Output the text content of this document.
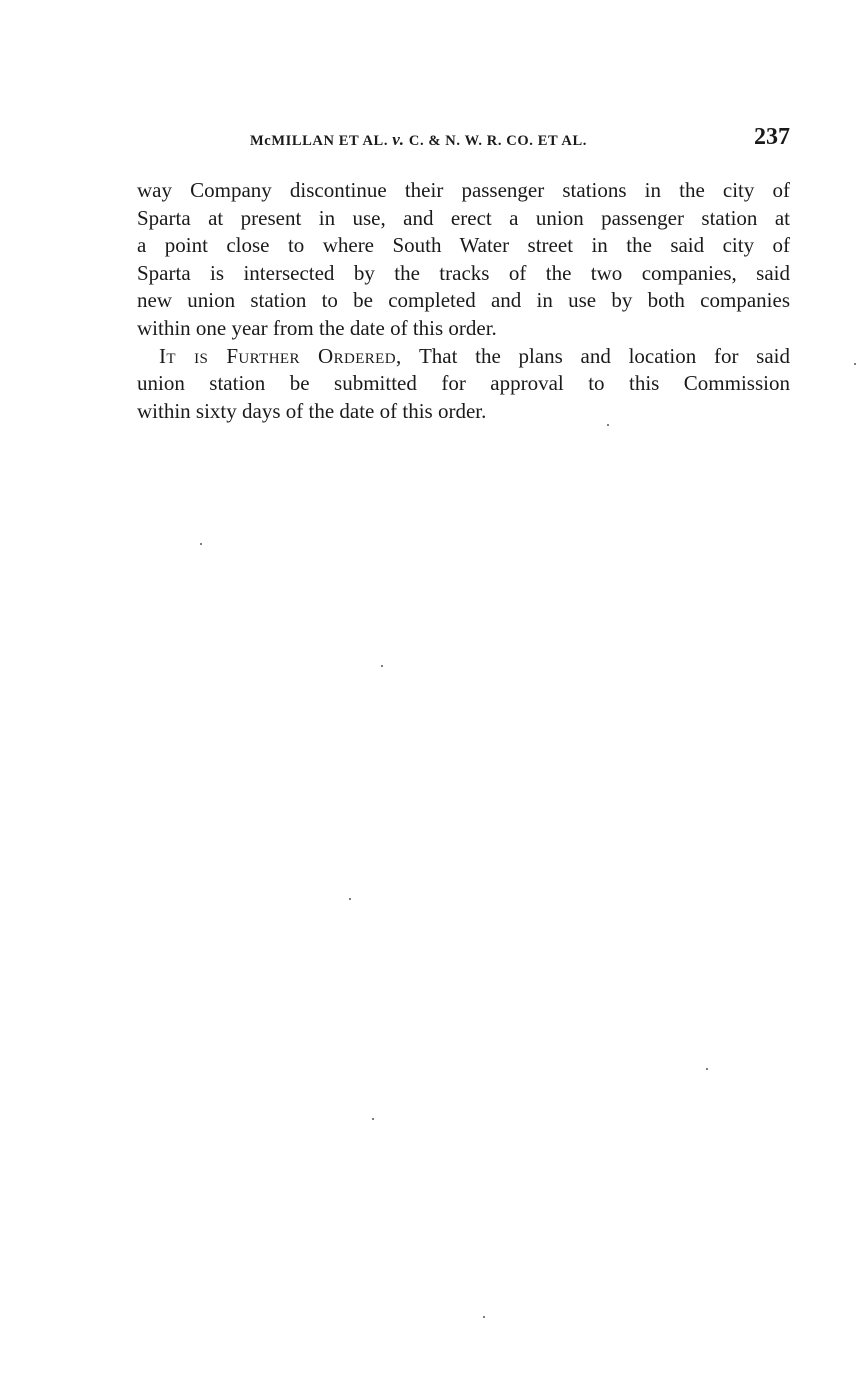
McMILLAN ET AL. v. C. & N. W. R. CO. ET AL.	237
way Company discontinue their passenger stations in the city of
Sparta at present in use, and erect a union passenger station at
a point close to where South Water street in the said city of
Sparta is intersected by the tracks of the two companies, said
new union station to be completed and in use by both companies
within one year from the date of this order.
It is Further Ordered, That the plans and location for said
union station be submitted for approval to this Commission
within sixty days of the date of this order.
